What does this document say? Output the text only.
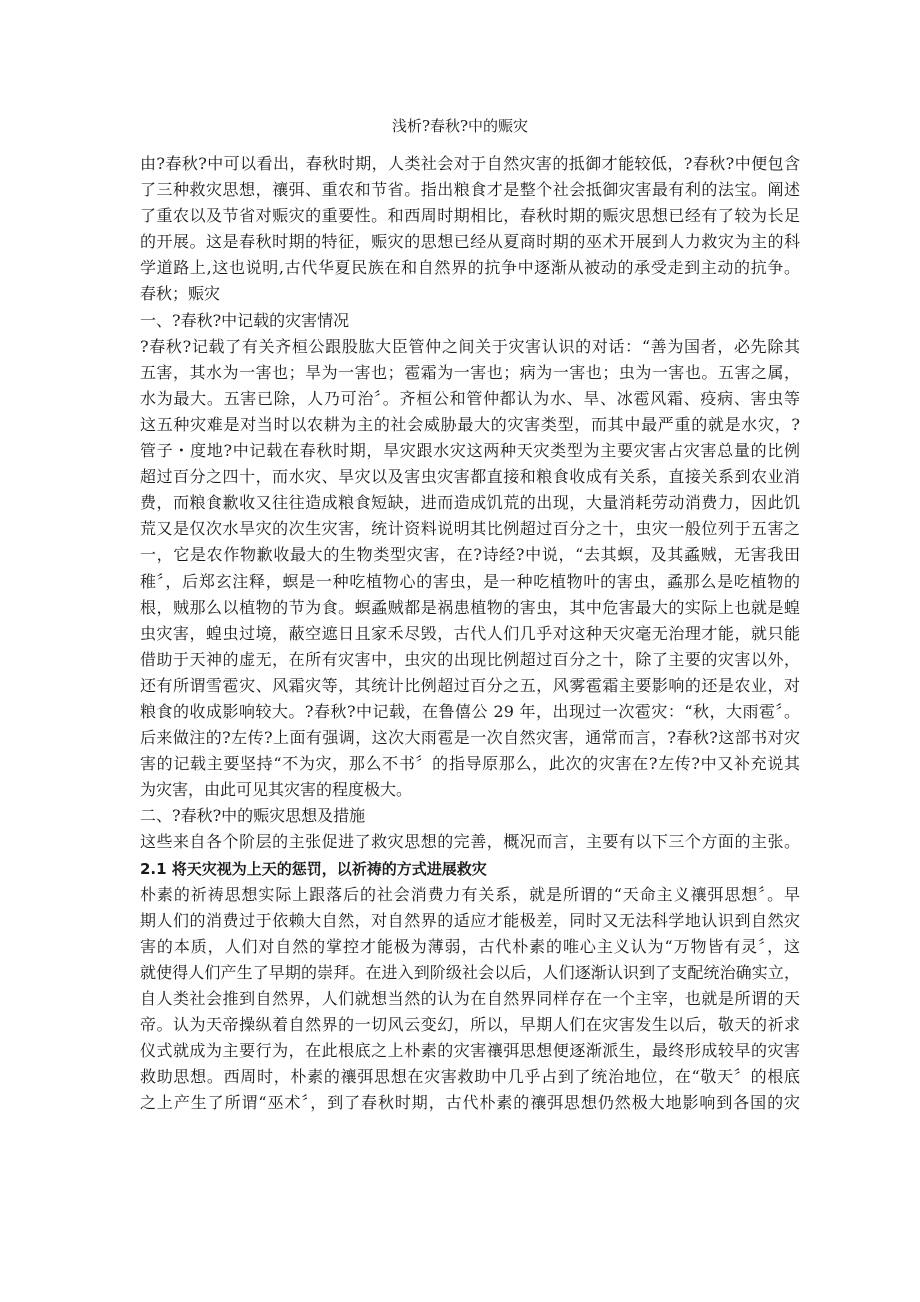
浅析?春秋?中的赈灾
由?春秋?中可以看出，春秋时期，人类社会对于自然灾害的抵御才能较低，?春秋?中便包含
了三种救灾思想，禳弭、重农和节省。指出粮食才是整个社会抵御灾害最有利的法宝。阐述
了重农以及节省对赈灾的重要性。和西周时期相比，春秋时期的赈灾思想已经有了较为长足
的开展。这是春秋时期的特征，赈灾的思想已经从夏商时期的巫术开展到人力救灾为主的科
学道路上,这也说明,古代华夏民族在和自然界的抗争中逐渐从被动的承受走到主动的抗争。
春秋；赈灾
一、?春秋?中记载的灾害情况
?春秋?记载了有关齐桓公跟股肱大臣管仲之间关于灾害认识的对话：“善为国者，必先除其
五害，其水为一害也；旱为一害也；雹霜为一害也；病为一害也；虫为一害也。五害之属，
水为最大。五害已除，人乃可治〞。齐桓公和管仲都认为水、旱、冰雹风霜、疫病、害虫等
这五种灾难是对当时以农耕为主的社会威胁最大的灾害类型，而其中最严重的就是水灾，?
管子・度地?中记载在春秋时期，旱灾跟水灾这两种天灾类型为主要灾害占灾害总量的比例
超过百分之四十，而水灾、旱灾以及害虫灾害都直接和粮食收成有关系，直接关系到农业消
费，而粮食歉收又往往造成粮食短缺，进而造成饥荒的出现，大量消耗劳动消费力，因此饥
荒又是仅次水旱灾的次生灾害，统计资料说明其比例超过百分之十，虫灾一般位列于五害之
一，它是农作物歉收最大的生物类型灾害，在?诗经?中说，“去其螟，及其蟊贼，无害我田
稚〞，后郑玄注释，螟是一种吃植物心的害虫，是一种吃植物叶的害虫，蟊那么是吃植物的
根，贼那么以植物的节为食。螟蟊贼都是祸患植物的害虫，其中危害最大的实际上也就是蝗
虫灾害，蝗虫过境，蔽空遮日且家禾尽毁，古代人们几乎对这种天灾毫无治理才能，就只能
借助于天神的虚无，在所有灾害中，虫灾的出现比例超过百分之十，除了主要的灾害以外，
还有所谓雪雹灾、风霜灾等，其统计比例超过百分之五，风雾雹霜主要影响的还是农业，对
粮食的收成影响较大。?春秋?中记载，在鲁僖公 29 年，出现过一次雹灾：“秋，大雨雹〞。
后来做注的?左传?上面有强调，这次大雨雹是一次自然灾害，通常而言，?春秋?这部书对灾
害的记载主要坚持“不为灾，那么不书〞的指导原那么，此次的灾害在?左传?中又补充说其
为灾害，由此可见其灾害的程度极大。
二、?春秋?中的赈灾思想及措施
这些来自各个阶层的主张促进了救灾思想的完善，概况而言，主要有以下三个方面的主张。
2.1 将天灾视为上天的惩罚，以祈祷的方式进展救灾
朴素的祈祷思想实际上跟落后的社会消费力有关系，就是所谓的“天命主义禳弭思想〞。早
期人们的消费过于依赖大自然，对自然界的适应才能极差，同时又无法科学地认识到自然灾
害的本质，人们对自然的掌控才能极为薄弱，古代朴素的唯心主义认为“万物皆有灵〞，这
就使得人们产生了早期的崇拜。在进入到阶级社会以后，人们逐渐认识到了支配统治确实立，
自人类社会推到自然界，人们就想当然的认为在自然界同样存在一个主宰，也就是所谓的天
帝。认为天帝操纵着自然界的一切风云变幻，所以，早期人们在灾害发生以后，敬天的祈求
仪式就成为主要行为，在此根底之上朴素的灾害禳弭思想便逐渐派生，最终形成较早的灾害
救助思想。西周时，朴素的禳弭思想在灾害救助中几乎占到了统治地位，在“敬天〞的根底
之上产生了所谓“巫术〞，到了春秋时期，古代朴素的禳弭思想仍然极大地影响到各国的灾
